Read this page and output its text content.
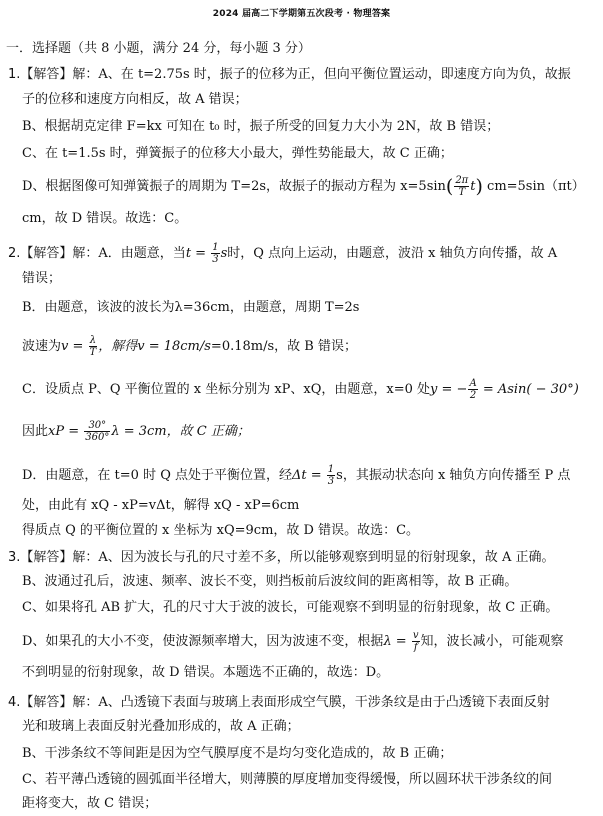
2024 届高二下学期第五次段考 · 物理答案
一．选择题（共 8 小题，满分 24 分，每小题 3 分）
1.【解答】解：A、在 t=2.75s 时，振子的位移为正，但向平衡位置运动，即速度方向为负，故振
子的位移和速度方向相反，故 A 错误；
B、根据胡克定律 F=kx 可知在 t₀ 时，振子所受的回复力大小为 2N，故 B 错误；
C、在 t=1.5s 时，弹簧振子的位移大小最大，弹性势能最大，故 C 正确；
D、根据图像可知弹簧振子的周期为 T=2s，故振子的振动方程为 $x=5\sin( \frac{2\pi}{T} t)$ cm=5sin（πt）
cm，故 D 错误。故选：C。
2.【解答】解：A．由题意，当$t = \frac{1}{3}$ s时，Q 点向上运动，由题意，波沿 x 轴负方向传播，故 A
错误；
B．由题意，该波的波长为λ=36cm，由题意，周期 T=2s
波速为$v = \frac{\lambda}{T}$ ，解得v = 18cm/s=0.18m/s，故 B 错误；
C．设质点 P、Q 平衡位置的 x 坐标分别为 xP、xQ，由题意，x=0 处y = − $\frac{A}{2} = Asin( - 30^\circ)$
因此xP = $\frac{30^\circ}{360^\circ}$ λ = 3cm，故 C 正确；
D．由题意，在 t=0 时 Q 点处于平衡位置，经$\Delta t = \frac{1}{3}$ s，其振动状态向 x 轴负方向传播至 P 点
处，由此有 xQ - xP=vΔt，解得 xQ - xP=6cm
得质点 Q 的平衡位置的 x 坐标为 xQ=9cm，故 D 错误。故选：C。
3.【解答】解：A、因为波长与孔的尺寸差不多，所以能够观察到明显的衍射现象，故 A 正确。
B、波通过孔后，波速、频率、波长不变，则挡板前后波纹间的距离相等，故 B 正确。
C、如果将孔 AB 扩大，孔的尺寸大于波的波长，可能观察不到明显的衍射现象，故 C 正确。
D、如果孔的大小不变，使波源频率增大，因为波速不变，根据$\lambda = \frac{v}{f}$ 知，波长减小，可能观察
不到明显的衍射现象，故 D 错误。本题选不正确的，故选：D。
4.【解答】解：A、凸透镜下表面与玻璃上表面形成空气膜，干涉条纹是由于凸透镜下表面反射
光和玻璃上表面反射光叠加形成的，故 A 正确；
B、干涉条纹不等间距是因为空气膜厚度不是均匀变化造成的，故 B 正确；
C、若平薄凸透镜的圆弧面半径增大，则薄膜的厚度增加变得缓慢，所以圆环状干涉条纹的间
距将变大，故 C 错误；
